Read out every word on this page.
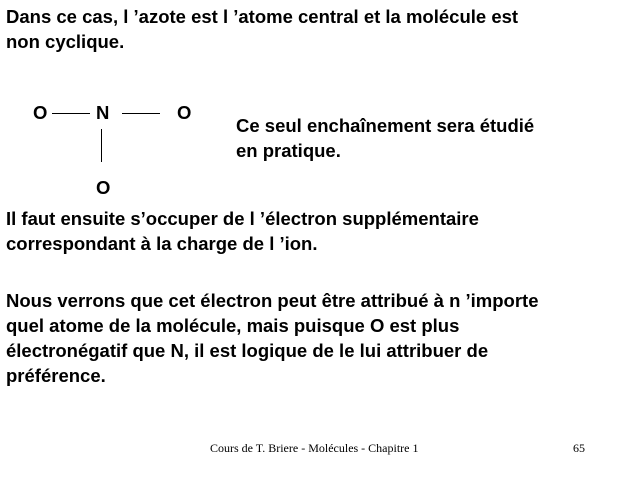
Dans ce cas, l ’azote est l ’atome central et la molécule est
non cyclique.

O	N	O
O
Ce seul enchaînement sera étudié
en pratique.

Il faut ensuite s’occuper de l ’électron supplémentaire
correspondant à la charge de l ’ion.

Nous verrons que cet électron peut être attribué à n ’importe
quel atome de la molécule, mais puisque O est plus
électronégatif que N, il est logique de le lui attribuer de
préférence.

Cours de T. Briere - Molécules - Chapitre 1	65
